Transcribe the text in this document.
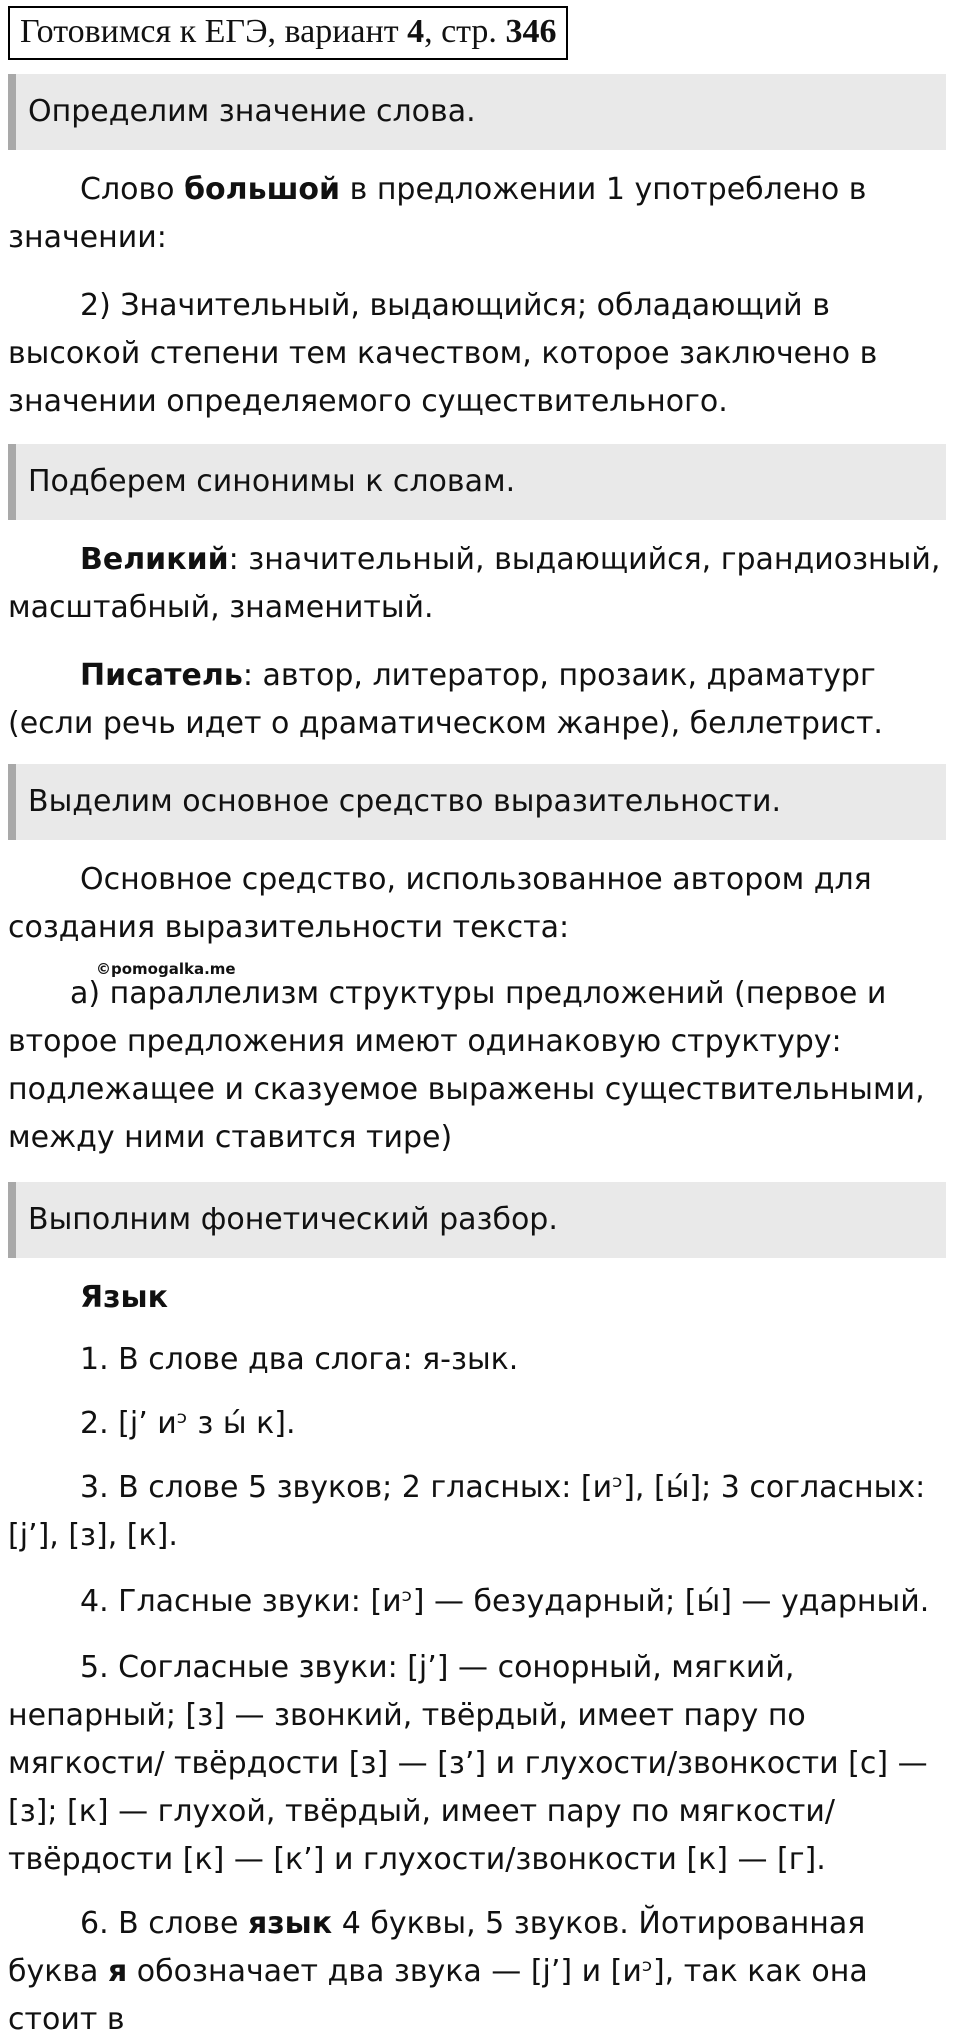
Готовимся к ЕГЭ, вариант 4, стр. 346
Определим значение слова.

Слово большой в предложении 1 употреблено в значении:

2) Значительный, выдающийся; обладающий в высокой степени тем качеством, которое заключено в значении определяемого существительного.

Подберем синонимы к словам.

Великий: значительный, выдающийся, грандиозный, масштабный, знаменитый.

Писатель: автор, литератор, прозаик, драматург (если речь идет о драматическом жанре), беллетрист.

Выделим основное средство выразительности.

Основное средство, использованное автором для создания выразительности текста:

©pomogalka.me

а) параллелизм структуры предложений (первое и второе предложения имеют одинаковую структуру: подлежащее и сказуемое выражены существительными, между ними ставится тире)

Выполним фонетический разбор.

Язык

1. В слове два слога: я-зык.

2. [j’ иᵓ з ы́ к].

3. В слове 5 звуков; 2 гласных: [иᵓ], [ы́]; 3 согласных: [j’], [з], [к].

4. Гласные звуки: [иᵓ] — безударный; [ы́] — ударный.

5. Согласные звуки: [j’] — сонорный, мягкий, непарный; [з] — звонкий, твёрдый, имеет пару по мягкости/ твёрдости [з] — [з’] и глухости/звонкости [с] — [з]; [к] — глухой, твёрдый, имеет пару по мягкости/ твёрдости [к] — [к’] и глухости/звонкости [к] — [г].

6. В слове язык 4 буквы, 5 звуков. Йотированная буква я обозначает два звука — [j’] и [иᵓ], так как она стоит в
